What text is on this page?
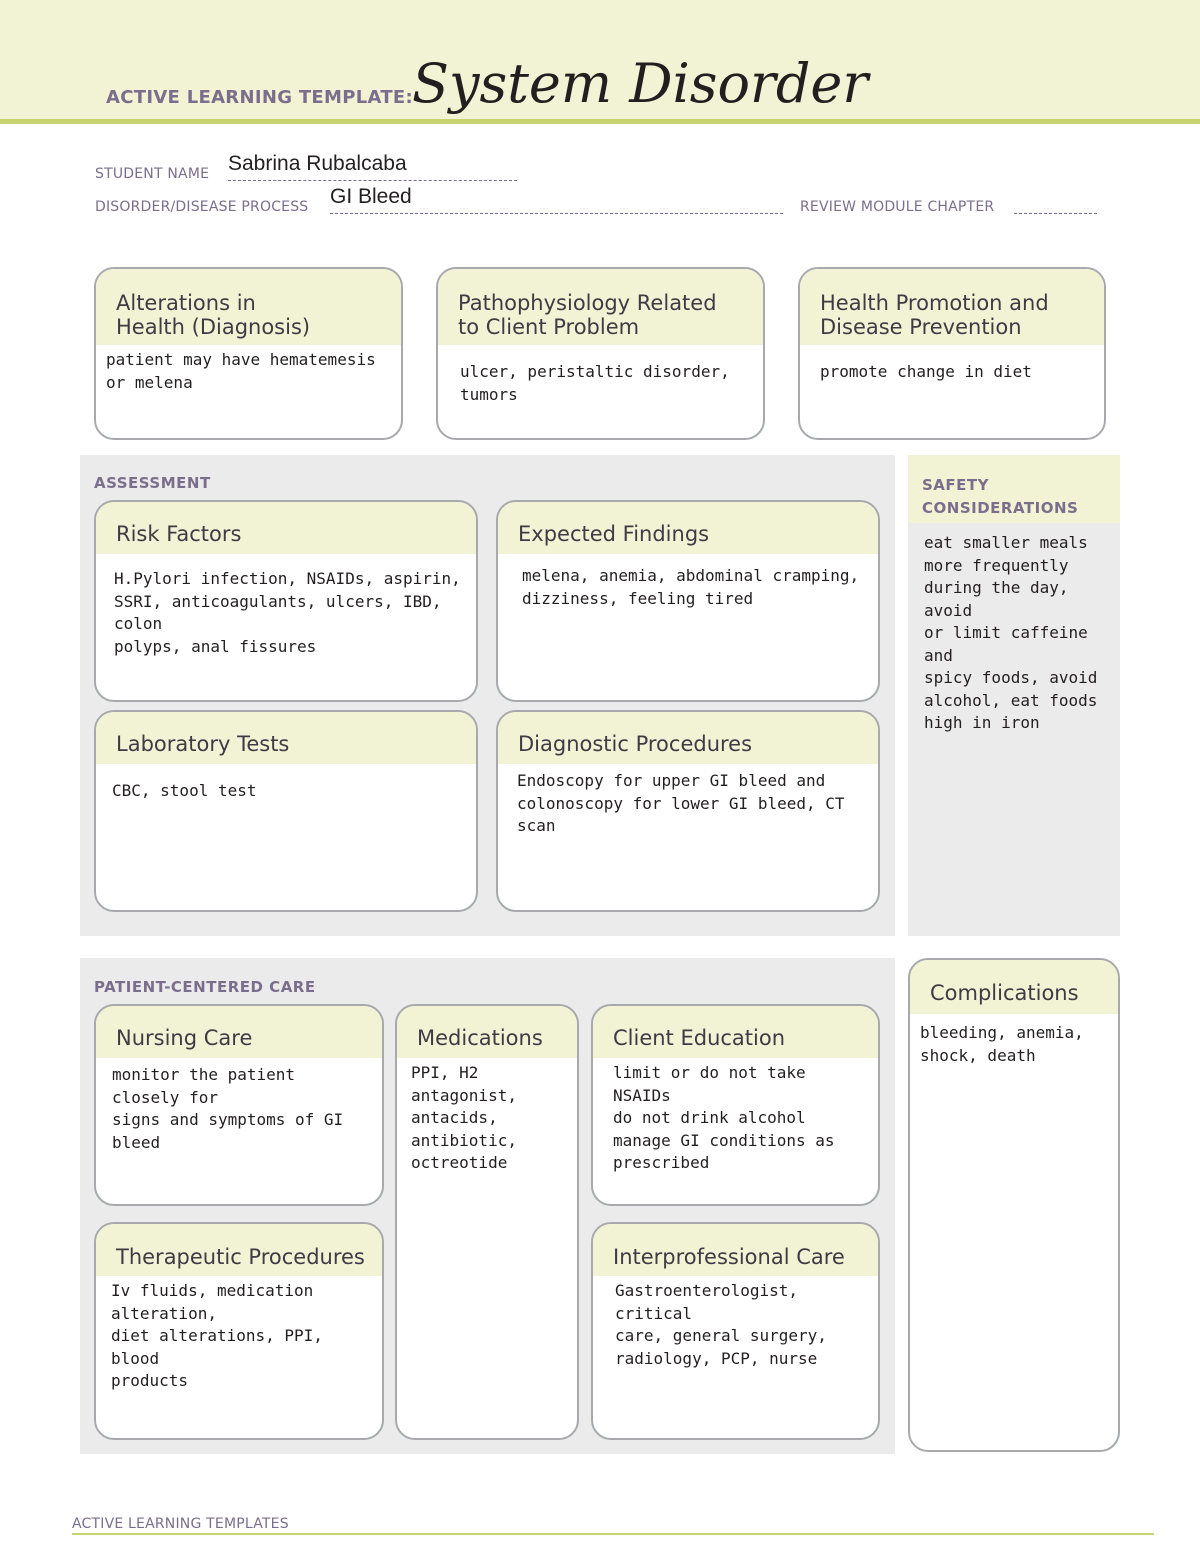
ACTIVE LEARNING TEMPLATE: System Disorder
STUDENT NAME Sabrina Rubalcaba
DISORDER/DISEASE PROCESS GI Bleed	REVIEW MODULE CHAPTER
Alterations in
Health (Diagnosis)
patient may have hematemesis
or melena
Pathophysiology Related
to Client Problem
ulcer, peristaltic disorder, tumors
Health Promotion and
Disease Prevention
promote change in diet
ASSESSMENT
Risk Factors
H.Pylori infection, NSAIDs, aspirin,
SSRI, anticoagulants, ulcers, IBD, colon
polyps, anal fissures
Expected Findings
melena, anemia, abdominal cramping,
dizziness, feeling tired
Laboratory Tests
CBC, stool test
Diagnostic Procedures
Endoscopy for upper GI bleed and
colonoscopy for lower GI bleed, CT scan
SAFETY
CONSIDERATIONS
eat smaller meals
more frequently
during the day, avoid
or limit caffeine and
spicy foods, avoid
alcohol, eat foods
high in iron
PATIENT-CENTERED CARE
Nursing Care
monitor the patient closely for
signs and symptoms of GI
bleed
Medications
PPI, H2
antagonist,
antacids,
antibiotic,
octreotide
Client Education
limit or do not take NSAIDs
do not drink alcohol
manage GI conditions as
prescribed
Therapeutic Procedures
Iv fluids, medication alteration,
diet alterations, PPI, blood
products
Interprofessional Care
Gastroenterologist, critical
care, general surgery,
radiology, PCP, nurse
Complications
bleeding, anemia,
shock, death
ACTIVE LEARNING TEMPLATES
